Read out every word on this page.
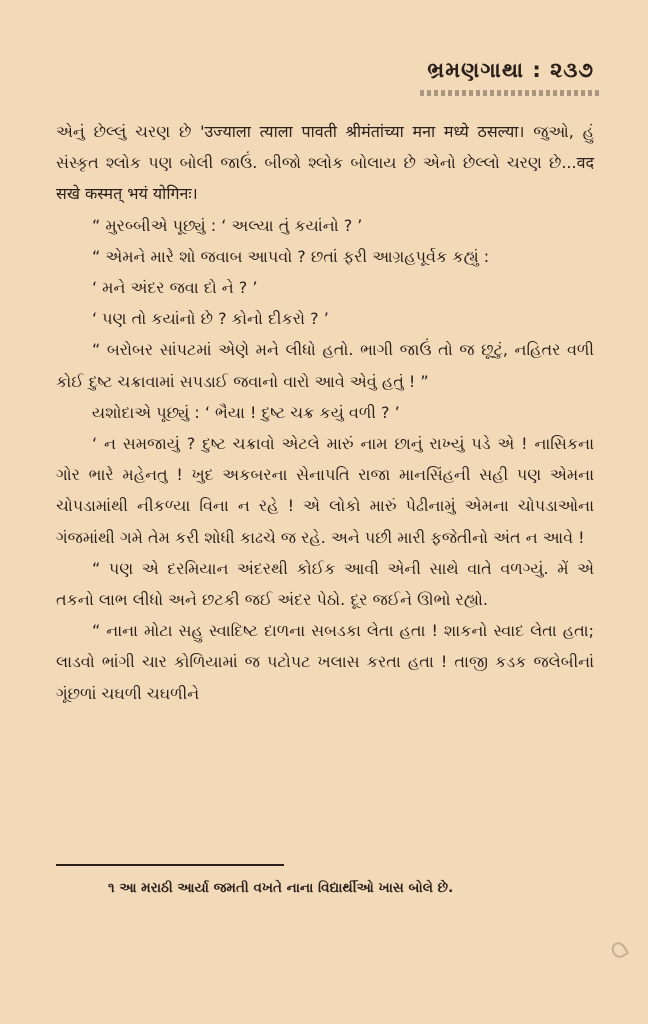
ભ્રમણગાથા : ૨૩૭

એનું છેલ્લું ચરણ છે 'उज्याला त्याला पावती श्रीमंतांच्या मना मध्ये ठसल्या। જુઓ, હું સંસ્કૃત શ્લોક પણ બોલી જાઉં. બીજો શ્લોક બોલાય છે એનો છેલ્લો ચરણ છે...वद सखे कस्मत् भयं योगिनः।

“ મુરબ્બીએ પૂછ્યું : ‘ અલ્યા તું કયાંનો ? ’

“ એમને મારે શો જવાબ આપવો ? છતાં ફરી આગ્રહપૂર્વક કહ્યું :

‘ મને અંદર જવા દો ને ? ’

‘ પણ તો કયાંનો છે ? કોનો દીકરો ? ’

“ બરોબર સાંપટમાં એણે મને લીધો હતો. ભાગી જાઉં તો જ છૂટું, નહિતર વળી કોઈ દુષ્ટ ચક્રાવામાં સપડાઈ જવાનો વારો આવે એવું હતું ! ”

યશોદાએ પૂછ્યું : ‘ ભૈયા ! દુષ્ટ ચક્ર કયું વળી ? ’

‘ ન સમજાયું ? દુષ્ટ ચક્રાવો એટલે મારું નામ છાનું રાખ્યું પડે એ ! નાસિકના ગોર ભારે મહેનતુ ! ખુદ અકબરના સેનાપતિ રાજા માનસિંહની સહી પણ એમના ચોપડામાંથી નીકળ્યા વિના ન રહે ! એ લોકો મારું પેઢીનામું એમના ચોપડાઓના ગંજમાંથી ગમે તેમ કરી શોધી કાઢચે જ રહે. અને પછી મારી ફજેતીનો અંત ન આવે !

“ પણ એ દરમિયાન અંદરથી કોઈક આવી એની સાથે વાતે વળગ્યું. મેં એ તકનો લાભ લીધો અને છટકી જઈ અંદર પેઠો. દૂર જઈને ઊભો રહ્યો.

“ નાના મોટા સહુ સ્વાદિષ્ટ દાળના સબડકા લેતા હતા ! શાકનો સ્વાદ લેતા હતા; લાડવો ભાંગી ચાર કોળિયામાં જ પટોપટ ખલાસ કરતા હતા ! તાજી કડક જલેબીનાં ગૂંછળાં ચઘળી ચઘળીને

૧ આ મરાઠી આર્યા જમતી વખતે નાના વિદ્યાર્થીઓ ખાસ બોલે છે.
